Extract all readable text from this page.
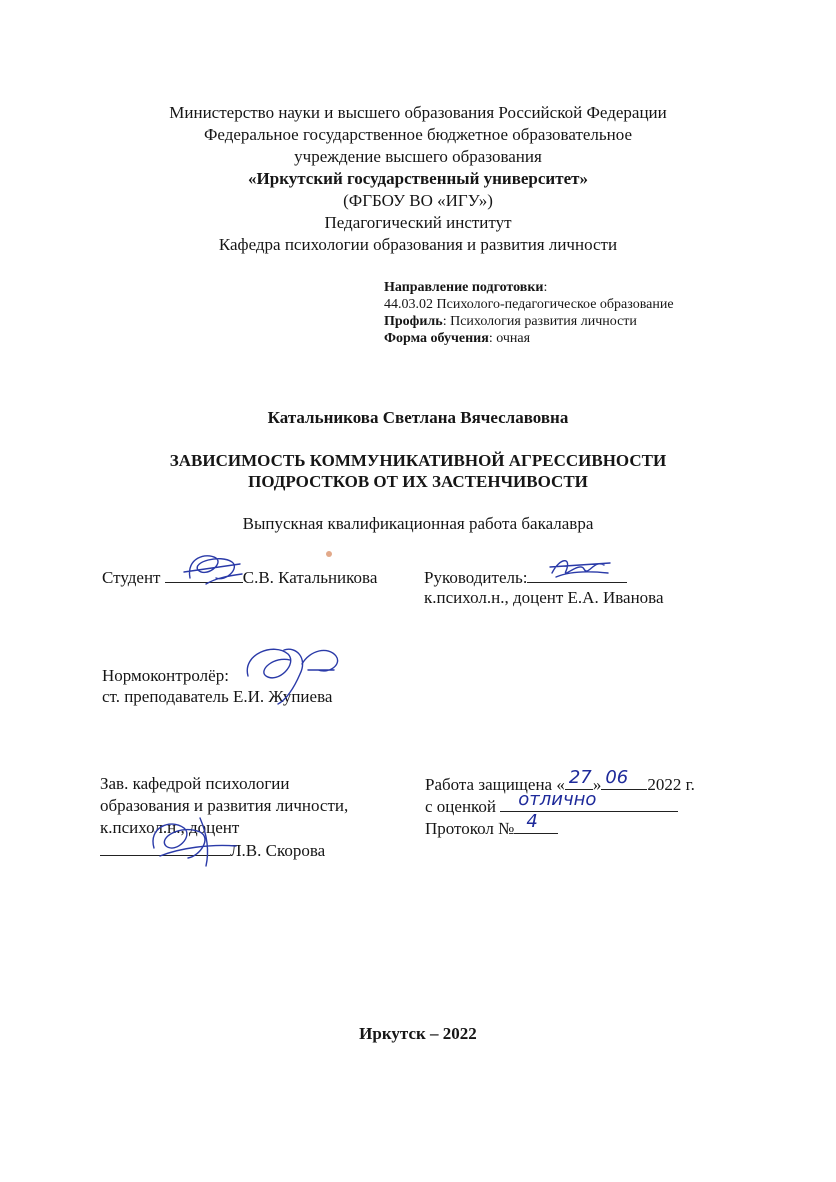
Министерство науки и высшего образования Российской Федерации
Федеральное государственное бюджетное образовательное
учреждение высшего образования
«Иркутский государственный университет»
(ФГБОУ ВО «ИГУ»)
Педагогический институт
Кафедра психологии образования и развития личности
Направление подготовки:
44.03.02 Психолого-педагогическое образование
Профиль: Психология развития личности
Форма обучения: очная
Катальникова Светлана Вячеславовна
ЗАВИСИМОСТЬ КОММУНИКАТИВНОЙ АГРЕССИВНОСТИ
ПОДРОСТКОВ ОТ ИХ ЗАСТЕНЧИВОСТИ
Выпускная квалификационная работа бакалавра
Студент	С.В. Катальникова	Руководитель:
к.психол.н., доцент Е.А. Иванова
Нормоконтролёр:
ст. преподаватель Е.И. Жупиева
Зав. кафедрой психологии
образования и развития личности,
к.психол.н., доцент
Л.В. Скорова
Работа защищена « 27 » 06 2022 г.
с оценкой отлично
Протокол № 4
Иркутск – 2022
